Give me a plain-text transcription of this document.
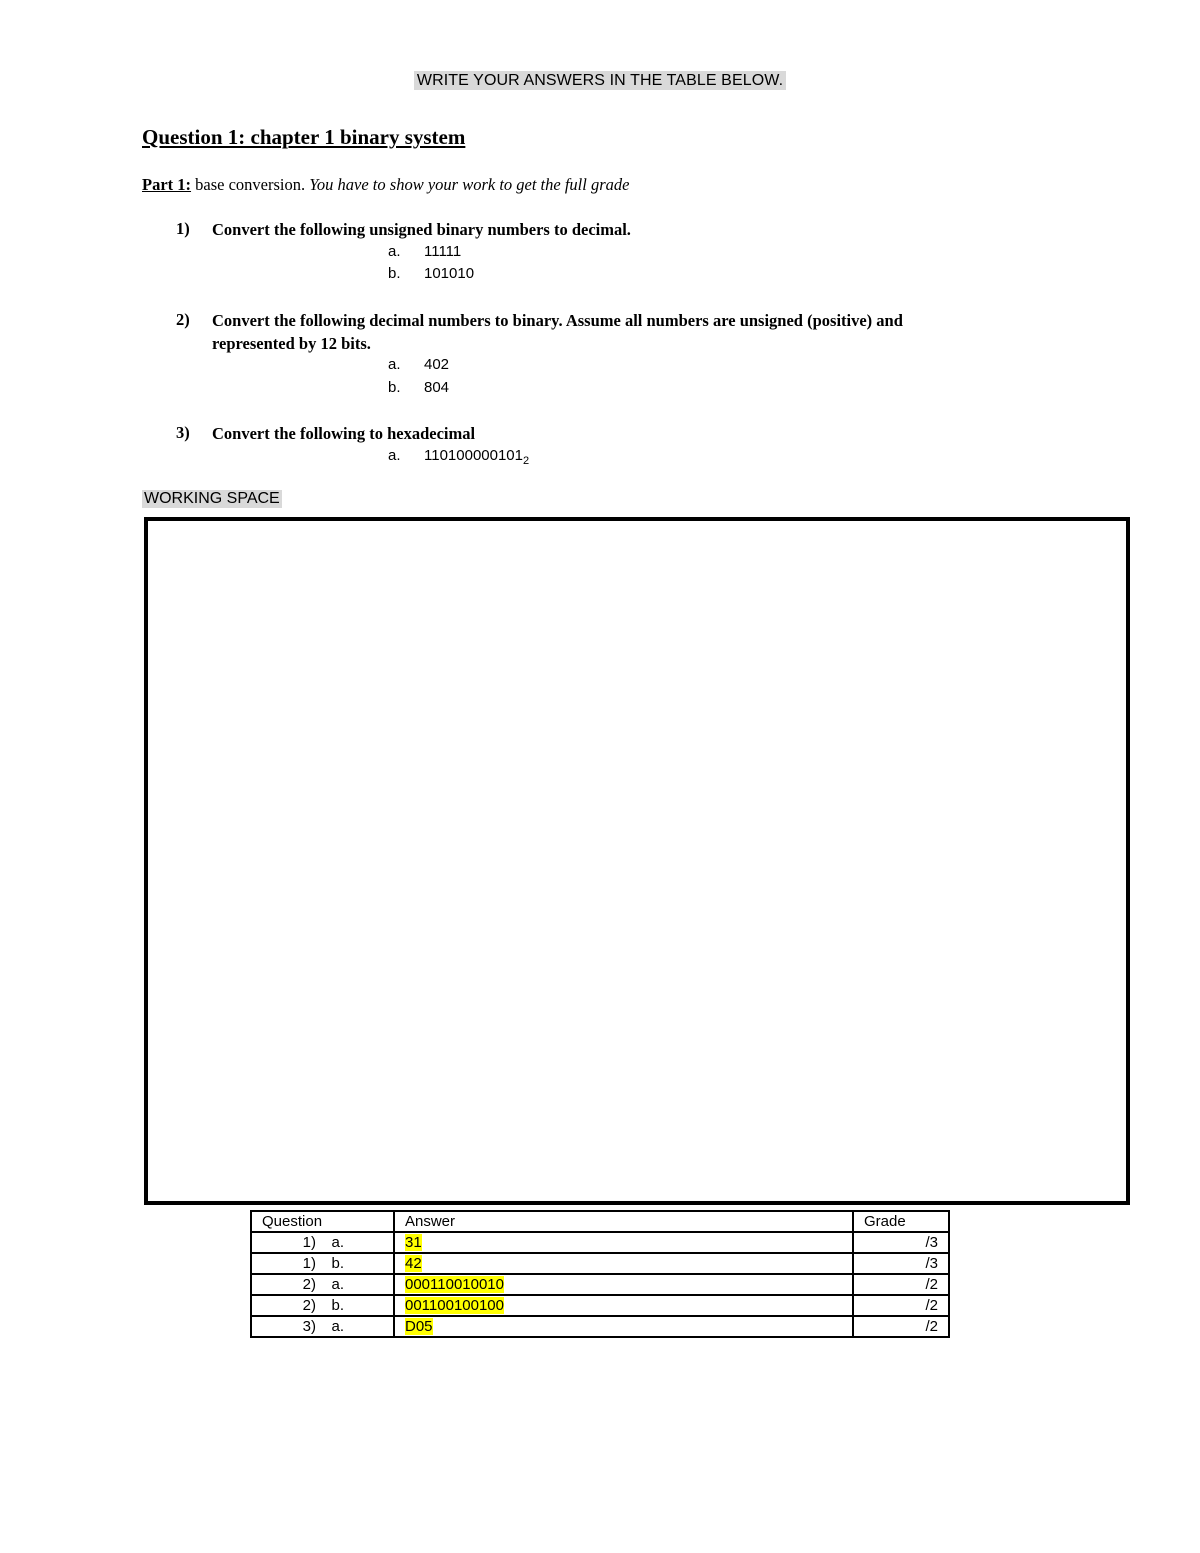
WRITE YOUR ANSWERS IN THE TABLE BELOW.
Question 1: chapter 1 binary system
Part 1: base conversion. You have to show your work to get the full grade
1) Convert the following unsigned binary numbers to decimal.
a. 11111
b. 101010
2) Convert the following decimal numbers to binary. Assume all numbers are unsigned (positive) and
represented by 12 bits.
a. 402
b. 804
3) Convert the following to hexadecimal
a. $110100000101_2$
WORKING SPACE
Question	Answer	Grade
1) a.	31	/3
1) b.	42	/3
2) a.	000110010010	/2
2) b.	001100100100	/2
3) a.	D05	/2
